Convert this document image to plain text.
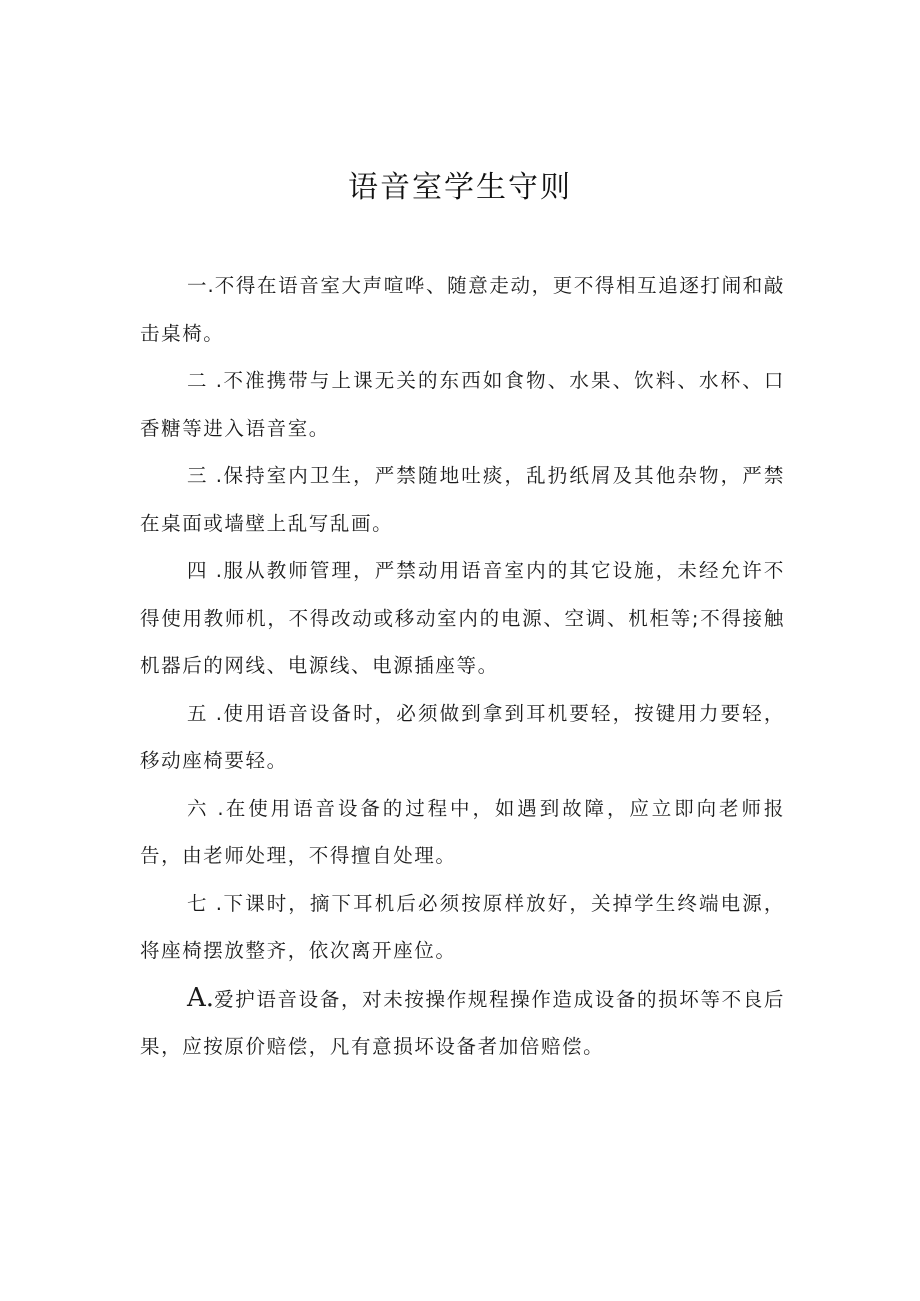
语音室学生守则

一.不得在语音室大声喧哗、随意走动，更不得相互追逐打闹和敲击桌椅。

二 .不准携带与上课无关的东西如食物、水果、饮料、水杯、口香糖等进入语音室。

三 .保持室内卫生，严禁随地吐痰，乱扔纸屑及其他杂物，严禁在桌面或墙壁上乱写乱画。

四 .服从教师管理，严禁动用语音室内的其它设施，未经允许不得使用教师机，不得改动或移动室内的电源、空调、机柜等;不得接触机器后的网线、电源线、电源插座等。

五 .使用语音设备时，必须做到拿到耳机要轻，按键用力要轻，移动座椅要轻。

六 .在使用语音设备的过程中，如遇到故障，应立即向老师报告，由老师处理，不得擅自处理。

七 .下课时，摘下耳机后必须按原样放好，关掉学生终端电源，将座椅摆放整齐，依次离开座位。

A.爱护语音设备，对未按操作规程操作造成设备的损坏等不良后果，应按原价赔偿，凡有意损坏设备者加倍赔偿。
